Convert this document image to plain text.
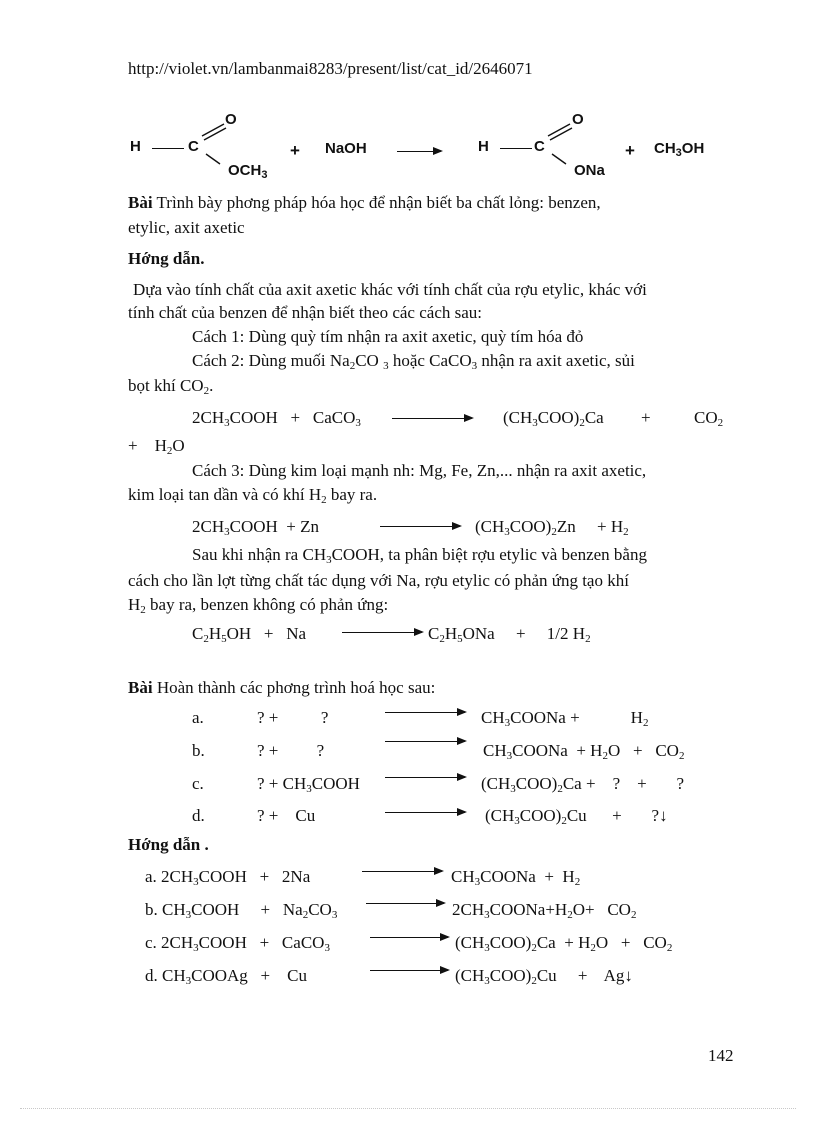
http://violet.vn/lambanmai8283/present/list/cat_id/2646071
H	C
O
$OCH_3$
+ NaOH	H	C
O
ONa
+ $CH_3OH$
Bài Trình bày phơng pháp hóa học để nhận biết ba chất lỏng: benzen,
etylic, axit axetic
Hớng dẫn.
Dựa vào tính chất của axit axetic khác với tính chất của rợu etylic, khác với
tính chất của benzen để nhận biết theo các cách sau:
Cách 1: Dùng quỳ tím nhận ra axit axetic, quỳ tím hóa đỏ
Cách 2: Dùng muối $Na_2CO$ $_3$ hoặc CaCO$_3$ nhận ra axit axetic, sủi
bọt khí $CO_2$.
$2CH_3COOH$   +   CaCO$_3$	$(CH_3COO)_2Ca$ +	$CO_2$
+    $H_2O$
Cách 3: Dùng kim loại mạnh nh: Mg, Fe, Zn,... nhận ra axit axetic,
kim loại tan dần và có khí $H_2$ bay ra.
$2CH_3COOH + Zn$	$(CH_3COO)_2Zn$     + $H_2$
Sau khi nhận ra $CH_3COOH$, ta phân biệt rợu etylic và benzen bằng
cách cho lần lợt từng chất tác dụng với Na, rợu etylic có phản ứng tạo khí
$H_2$ bay ra, benzen không có phản ứng:
$C_2H_5OH + Na$	$C_2H_5ONa$     +     1/2 $H_2$
Bài Hoàn thành các phơng trình hoá học sau:
a.	? +          ?	$CH_3COONa$ +            $H_2$
b.	? +         ?	$CH_3COONa + H_2O + CO_2$
c.	? + $CH_3COOH$	$(CH_3COO)_2Ca$ +    ?    +       ?
d.	? +    Cu	$(CH_3COO)_2Cu$      +       ?↓
Hớng dẫn .
a. $2CH_3COOH + 2Na$	$CH_3COONa + H_2$
b. $CH_3COOH$     +   $Na_2CO_3$	$2CH_3COONa+H_2O+ CO_2$
c. $2CH_3COOH$   +   CaCO$_3$	$(CH_3COO)_2Ca + H_2O + CO_2$
d. $CH_3COOAg$   +    Cu	$(CH_3COO)_2Cu$     +    Ag↓
142
